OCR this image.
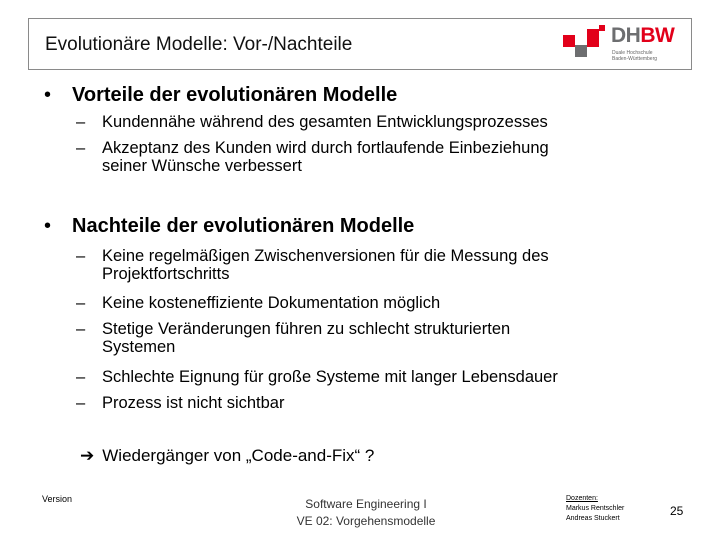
Evolutionäre Modelle: Vor-/Nachteile	DHBW
Duale Hochschule
Baden-Württemberg
• Vorteile der evolutionären Modelle
– Kundennähe während des gesamten Entwicklungsprozesses
– Akzeptanz des Kunden wird durch fortlaufende Einbeziehung
seiner Wünsche verbessert
• Nachteile der evolutionären Modelle
– Keine regelmäßigen Zwischenversionen für die Messung des
Projektfortschritts
– Keine kosteneffiziente Dokumentation möglich
– Stetige Veränderungen führen zu schlecht strukturierten
Systemen
– Schlechte Eignung für große Systeme mit langer Lebensdauer
– Prozess ist nicht sichtbar
➔ Wiedergänger von „Code-and-Fix“ ?
Version	Software Engineering I
VE 02: Vorgehensmodelle
Dozenten:
Markus Rentschler
Andreas Stuckert
25
